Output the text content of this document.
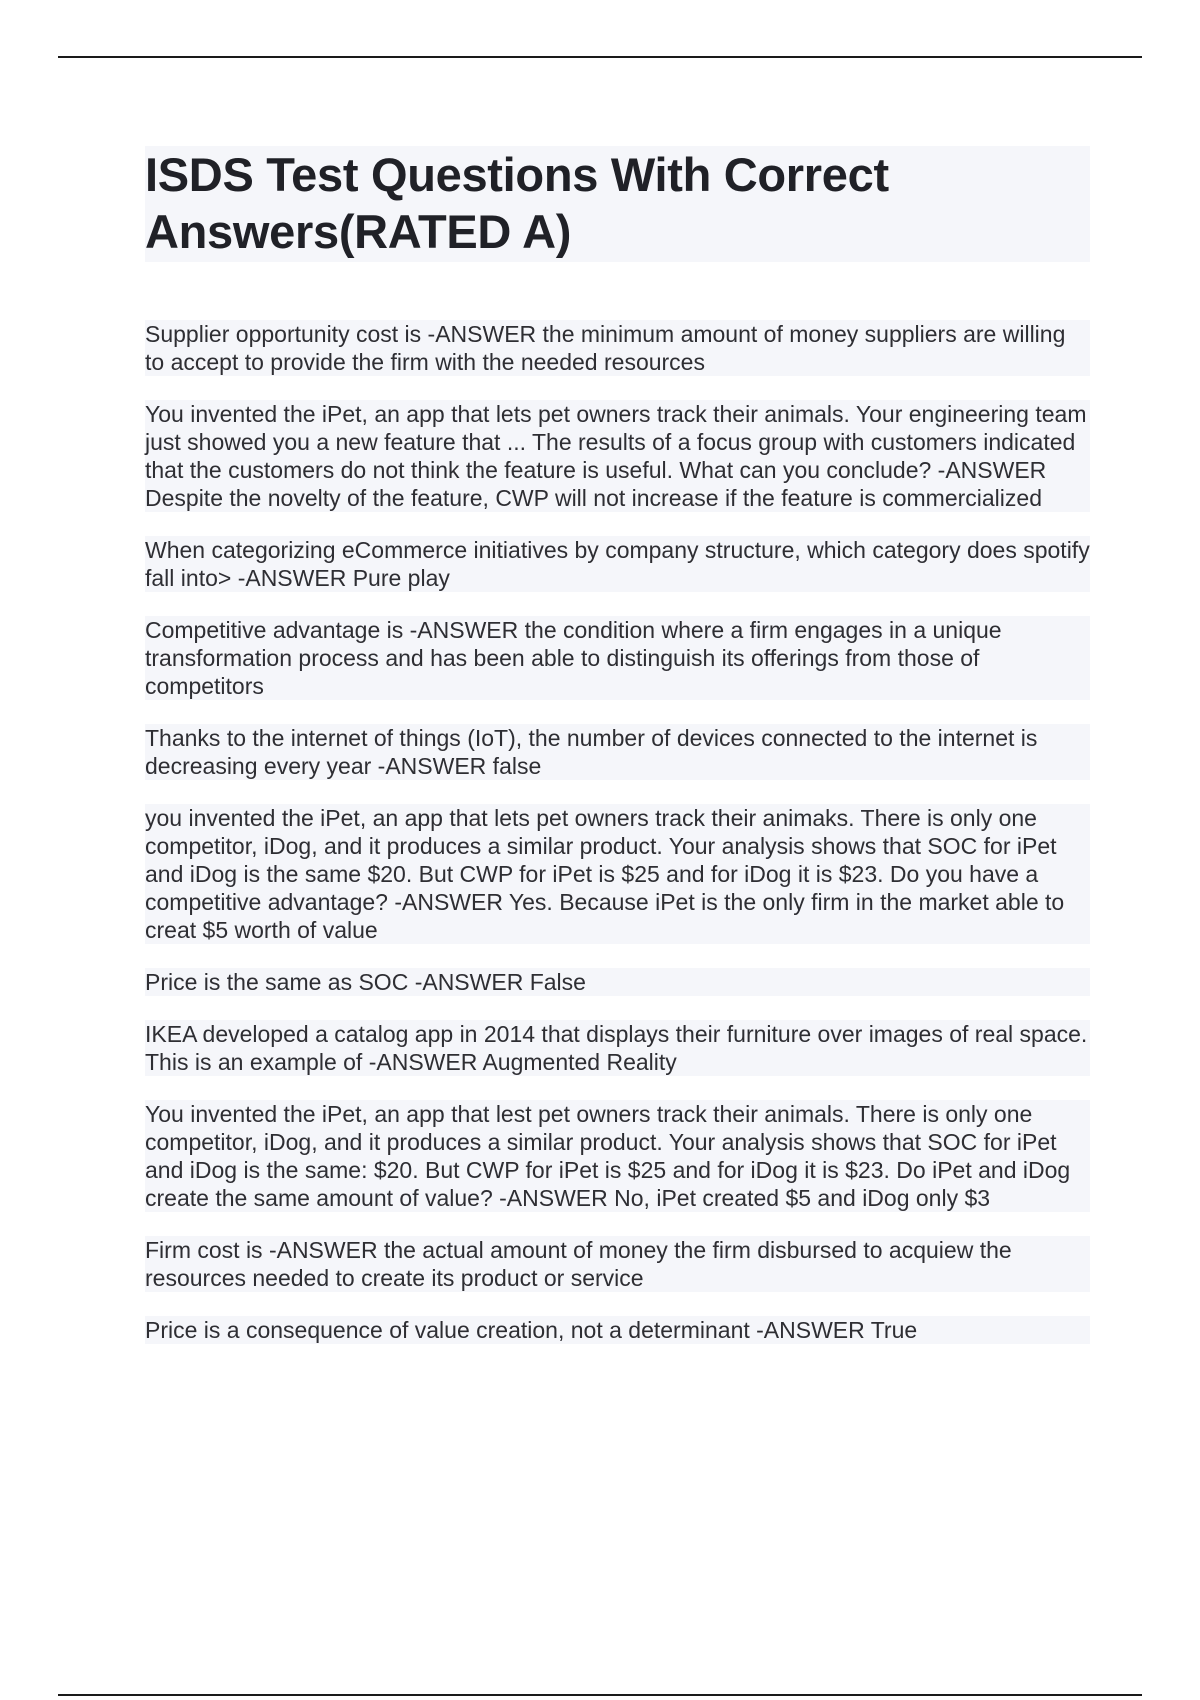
ISDS Test Questions With Correct Answers(RATED A)

Supplier opportunity cost is -ANSWER the minimum amount of money suppliers are willing to accept to provide the firm with the needed resources

You invented the iPet, an app that lets pet owners track their animals. Your engineering team just showed you a new feature that ... The results of a focus group with customers indicated that the customers do not think the feature is useful. What can you conclude? -ANSWER Despite the novelty of the feature, CWP will not increase if the feature is commercialized

When categorizing eCommerce initiatives by company structure, which category does spotify fall into> -ANSWER Pure play

Competitive advantage is -ANSWER the condition where a firm engages in a unique transformation process and has been able to distinguish its offerings from those of competitors

Thanks to the internet of things (IoT), the number of devices connected to the internet is decreasing every year -ANSWER false

you invented the iPet, an app that lets pet owners track their animaks. There is only one competitor, iDog, and it produces a similar product. Your analysis shows that SOC for iPet and iDog is the same $20. But CWP for iPet is $25 and for iDog it is $23. Do you have a competitive advantage? -ANSWER Yes. Because iPet is the only firm in the market able to creat $5 worth of value

Price is the same as SOC -ANSWER False

IKEA developed a catalog app in 2014 that displays their furniture over images of real space. This is an example of -ANSWER Augmented Reality

You invented the iPet, an app that lest pet owners track their animals. There is only one competitor, iDog, and it produces a similar product. Your analysis shows that SOC for iPet and iDog is the same: $20. But CWP for iPet is $25 and for iDog it is $23. Do iPet and iDog create the same amount of value? -ANSWER No, iPet created $5 and iDog only $3

Firm cost is -ANSWER the actual amount of money the firm disbursed to acquiew the resources needed to create its product or service

Price is a consequence of value creation, not a determinant -ANSWER True
